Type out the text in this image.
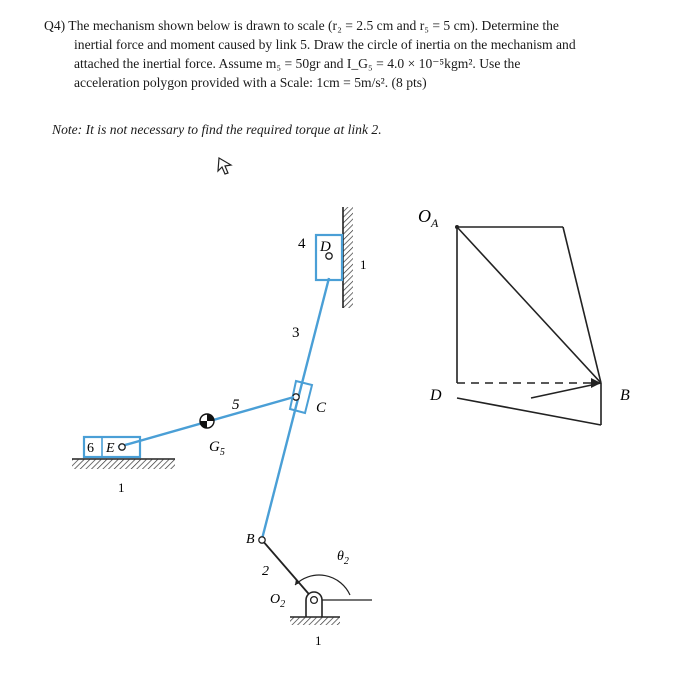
Q4) The mechanism shown below is drawn to scale (r₂ = 2.5 cm and r₅ = 5 cm). Determine the
inertial force and moment caused by link 5. Draw the circle of inertia on the mechanism and
attached the inertial force. Assume m₅ = 50gr and I_G₅ = 4.0 × 10⁻⁵kgm². Use the
acceleration polygon provided with a Scale: 1cm = 5m/s². (8 pts)
Note: It is not necessary to find the required torque at link 2.
4 D
1
3
5	C
6 E
1
$G_5$
B
2
$\theta_2$
$O_2$
1
$O_A$
D	B
